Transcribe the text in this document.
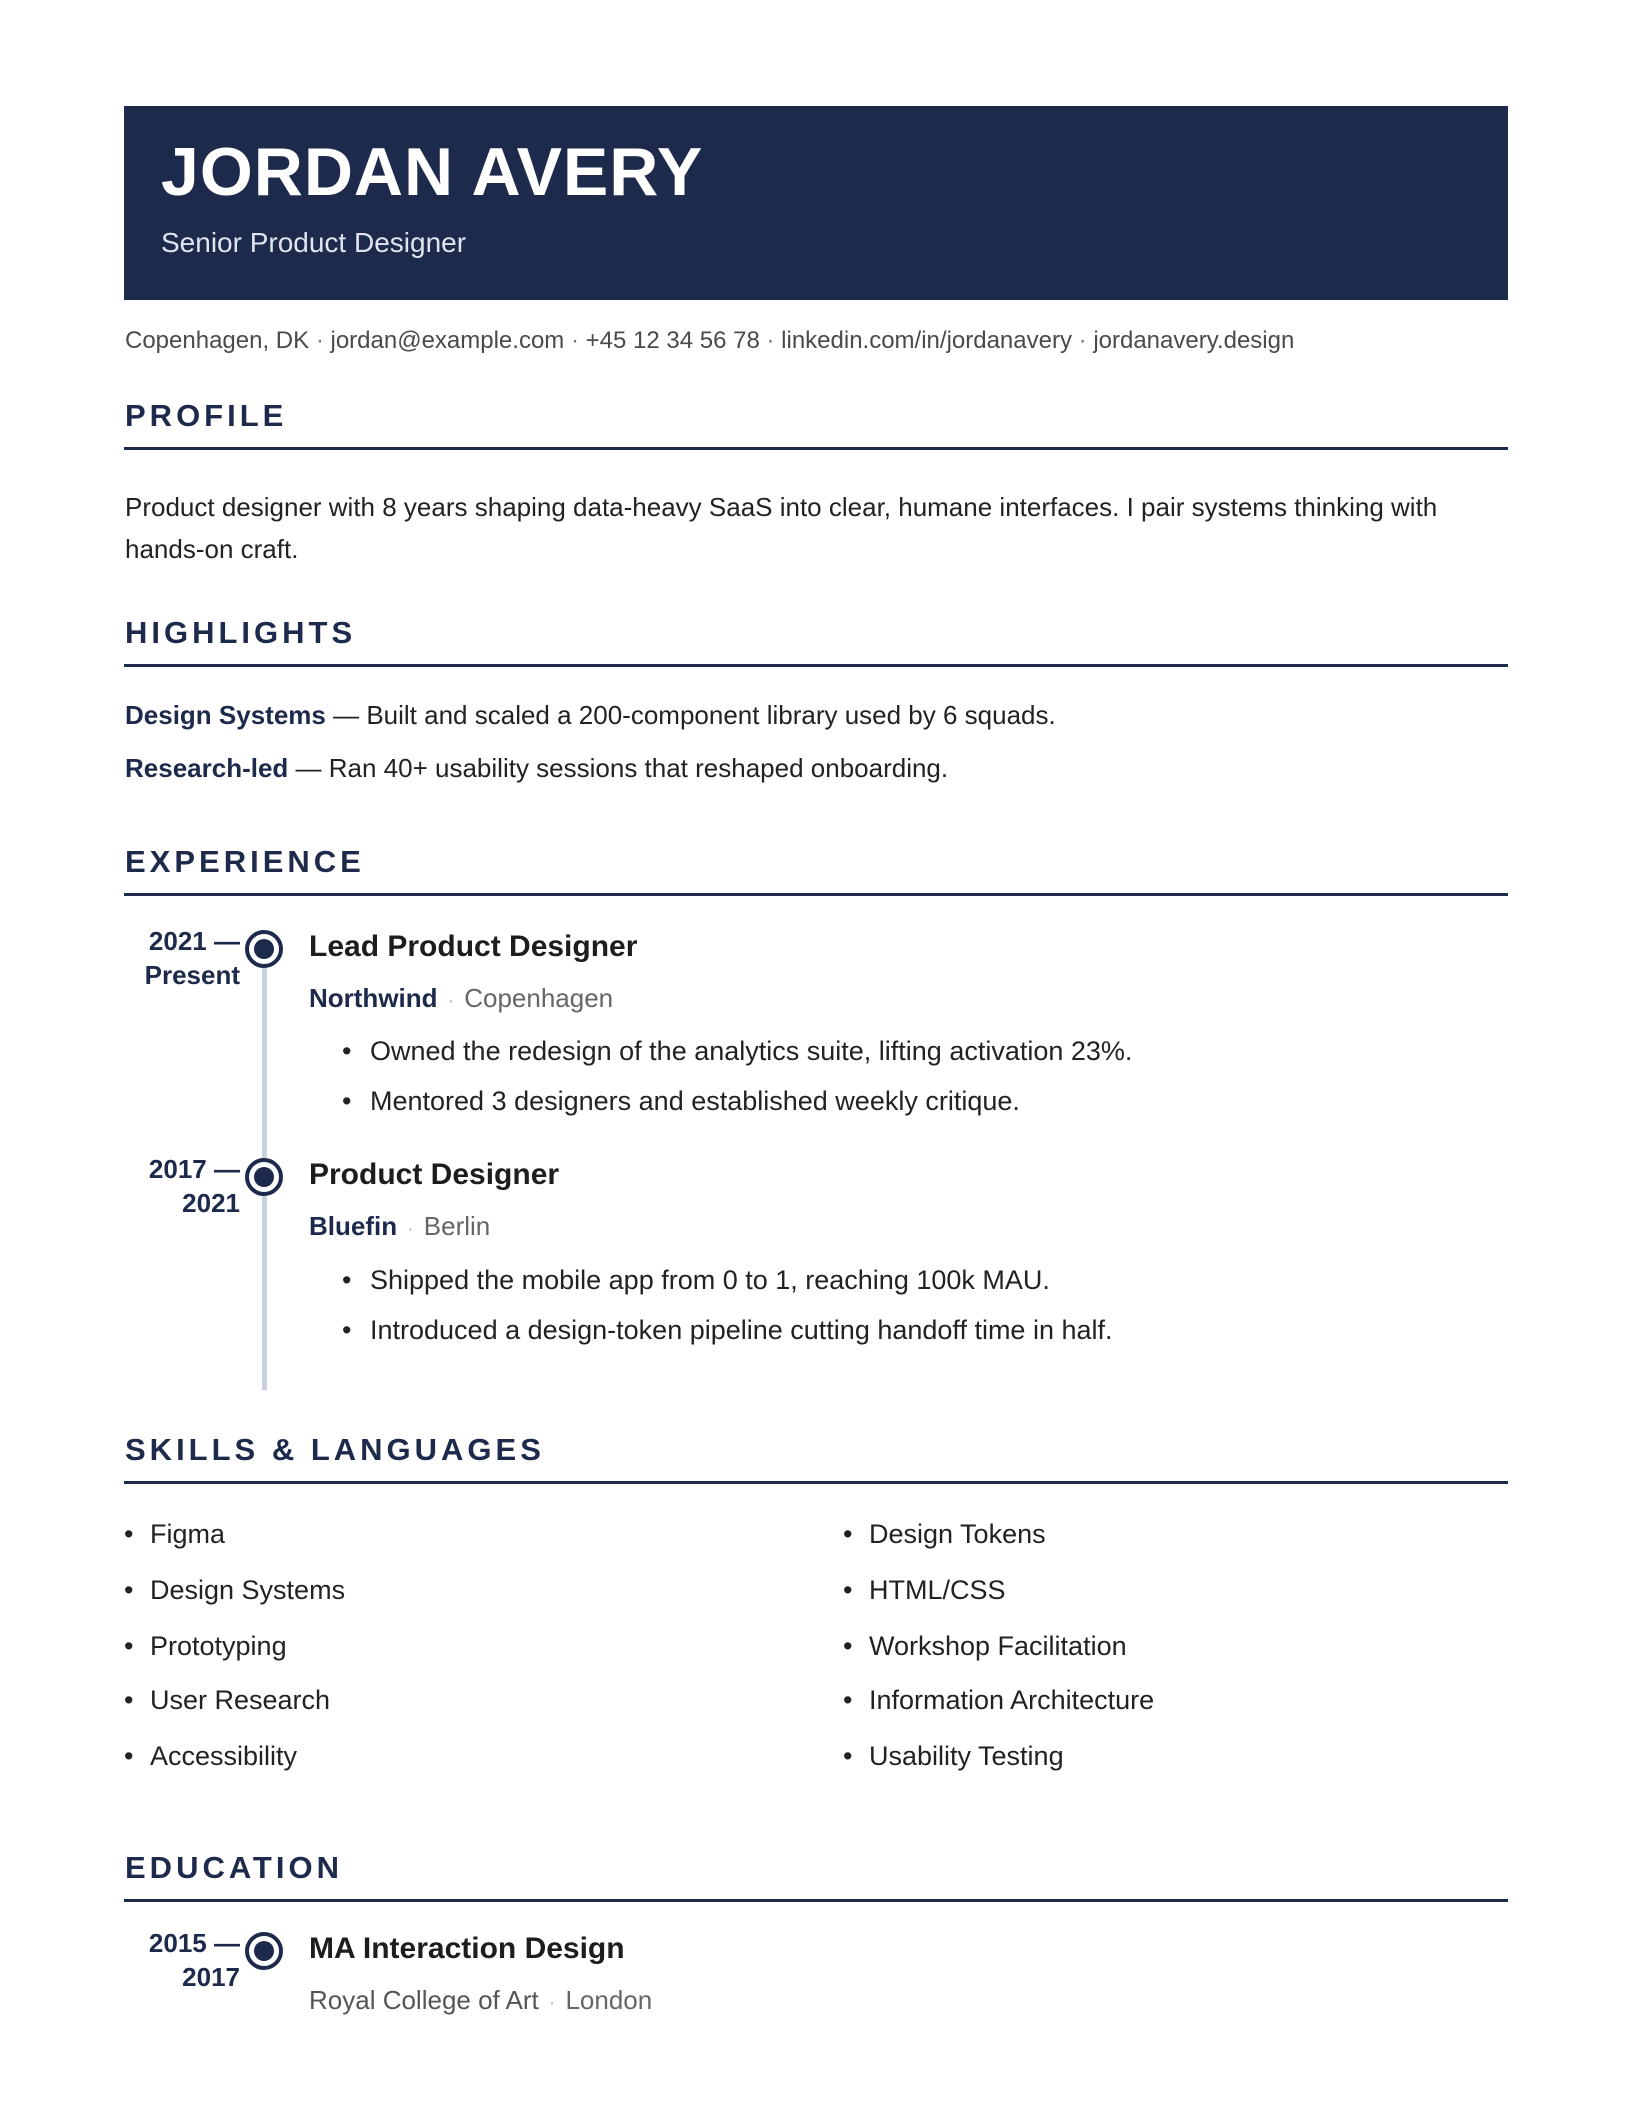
JORDAN AVERY
Senior Product Designer
Copenhagen, DK · jordan@example.com · +45 12 34 56 78 · linkedin.com/in/jordanavery · jordanavery.design
PROFILE
Product designer with 8 years shaping data-heavy SaaS into clear, humane interfaces. I pair systems thinking with hands-on craft.
HIGHLIGHTS
Design Systems — Built and scaled a 200-component library used by 6 squads.
Research-led — Ran 40+ usability sessions that reshaped onboarding.
EXPERIENCE
2021 —
Present
Lead Product Designer
Northwind · Copenhagen
• Owned the redesign of the analytics suite, lifting activation 23%.
• Mentored 3 designers and established weekly critique.
2017 —
2021
Product Designer
Bluefin · Berlin
• Shipped the mobile app from 0 to 1, reaching 100k MAU.
• Introduced a design-token pipeline cutting handoff time in half.
SKILLS & LANGUAGES
• Figma
• Design Systems
• Prototyping
• User Research
• Accessibility
• Design Tokens
• HTML/CSS
• Workshop Facilitation
• Information Architecture
• Usability Testing
EDUCATION
2015 —
2017
MA Interaction Design
Royal College of Art · London
